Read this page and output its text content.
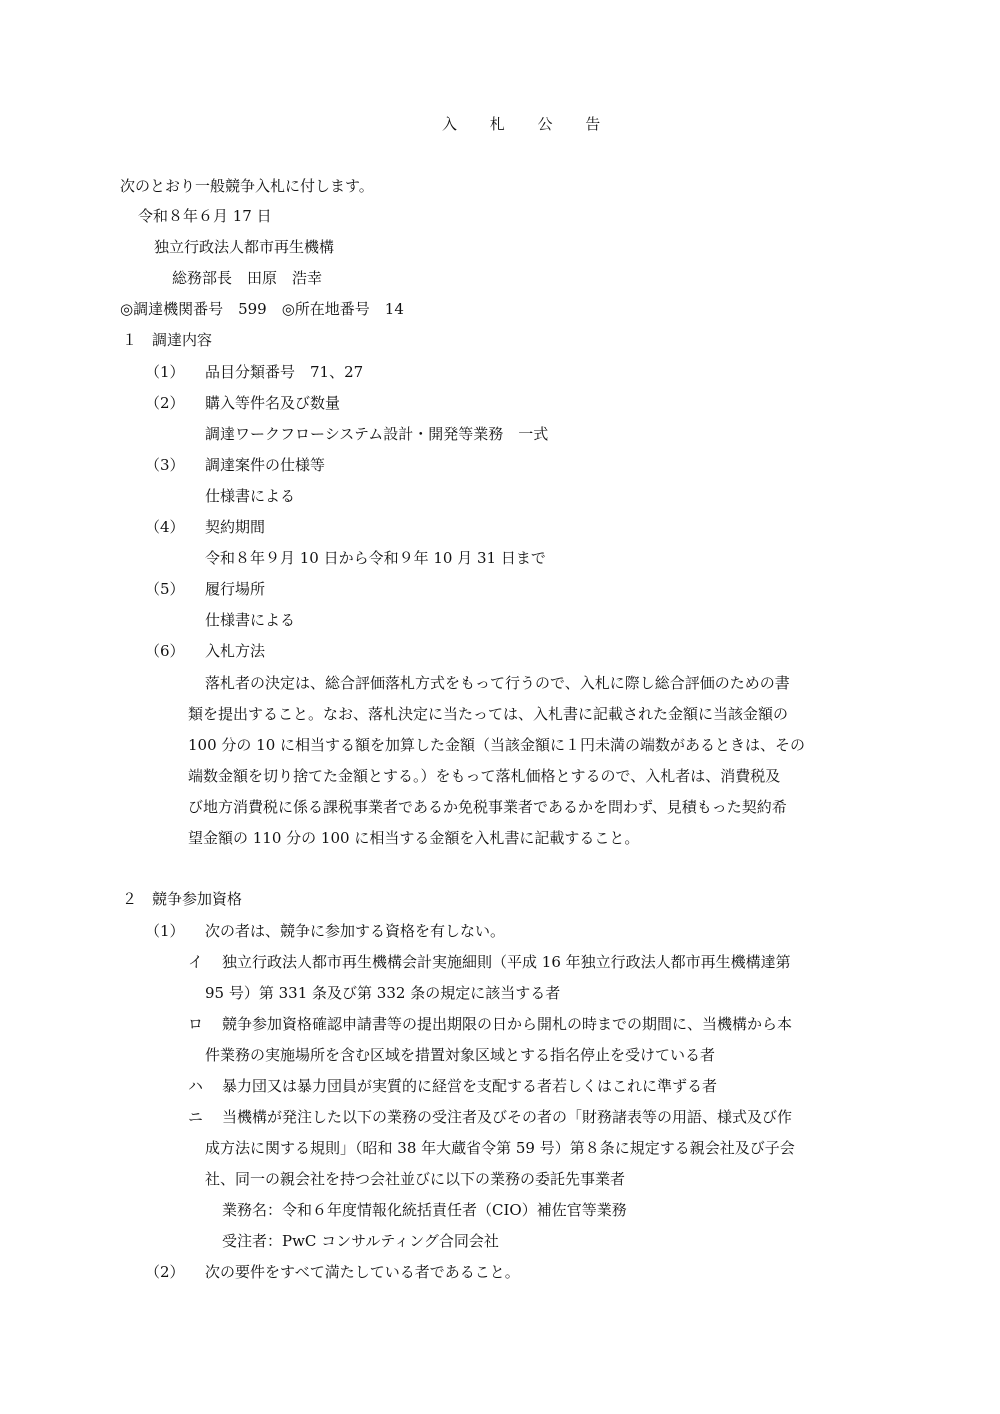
入 札 公 告
次のとおり一般競争入札に付します。
令和８年６月 17 日
独立行政法人都市再生機構
総務部長　田原　浩幸
◎調達機関番号　599　◎所在地番号　14
１　調達内容
（1） 品目分類番号　71、27
（2） 購入等件名及び数量
調達ワークフローシステム設計・開発等業務　一式
（3） 調達案件の仕様等
仕様書による
（4） 契約期間
令和８年９月 10 日から令和９年 10 月 31 日まで
（5） 履行場所
仕様書による
（6） 入札方法
落札者の決定は、総合評価落札方式をもって行うので、入札に際し総合評価のための書
類を提出すること。なお、落札決定に当たっては、入札書に記載された金額に当該金額の
100 分の 10 に相当する額を加算した金額（当該金額に１円未満の端数があるときは、その
端数金額を切り捨てた金額とする。）をもって落札価格とするので、入札者は、消費税及
び地方消費税に係る課税事業者であるか免税事業者であるかを問わず、見積もった契約希
望金額の 110 分の 100 に相当する金額を入札書に記載すること。
２　競争参加資格
（1） 次の者は、競争に参加する資格を有しない。
イ 独立行政法人都市再生機構会計実施細則（平成 16 年独立行政法人都市再生機構達第
95 号）第 331 条及び第 332 条の規定に該当する者
ロ 競争参加資格確認申請書等の提出期限の日から開札の時までの期間に、当機構から本
件業務の実施場所を含む区域を措置対象区域とする指名停止を受けている者
ハ 暴力団又は暴力団員が実質的に経営を支配する者若しくはこれに準ずる者
ニ 当機構が発注した以下の業務の受注者及びその者の「財務諸表等の用語、様式及び作
成方法に関する規則」（昭和 38 年大蔵省令第 59 号）第８条に規定する親会社及び子会
社、同一の親会社を持つ会社並びに以下の業務の委託先事業者
業務名：令和６年度情報化統括責任者（CIO）補佐官等業務
受注者：PwC コンサルティング合同会社
（2） 次の要件をすべて満たしている者であること。
